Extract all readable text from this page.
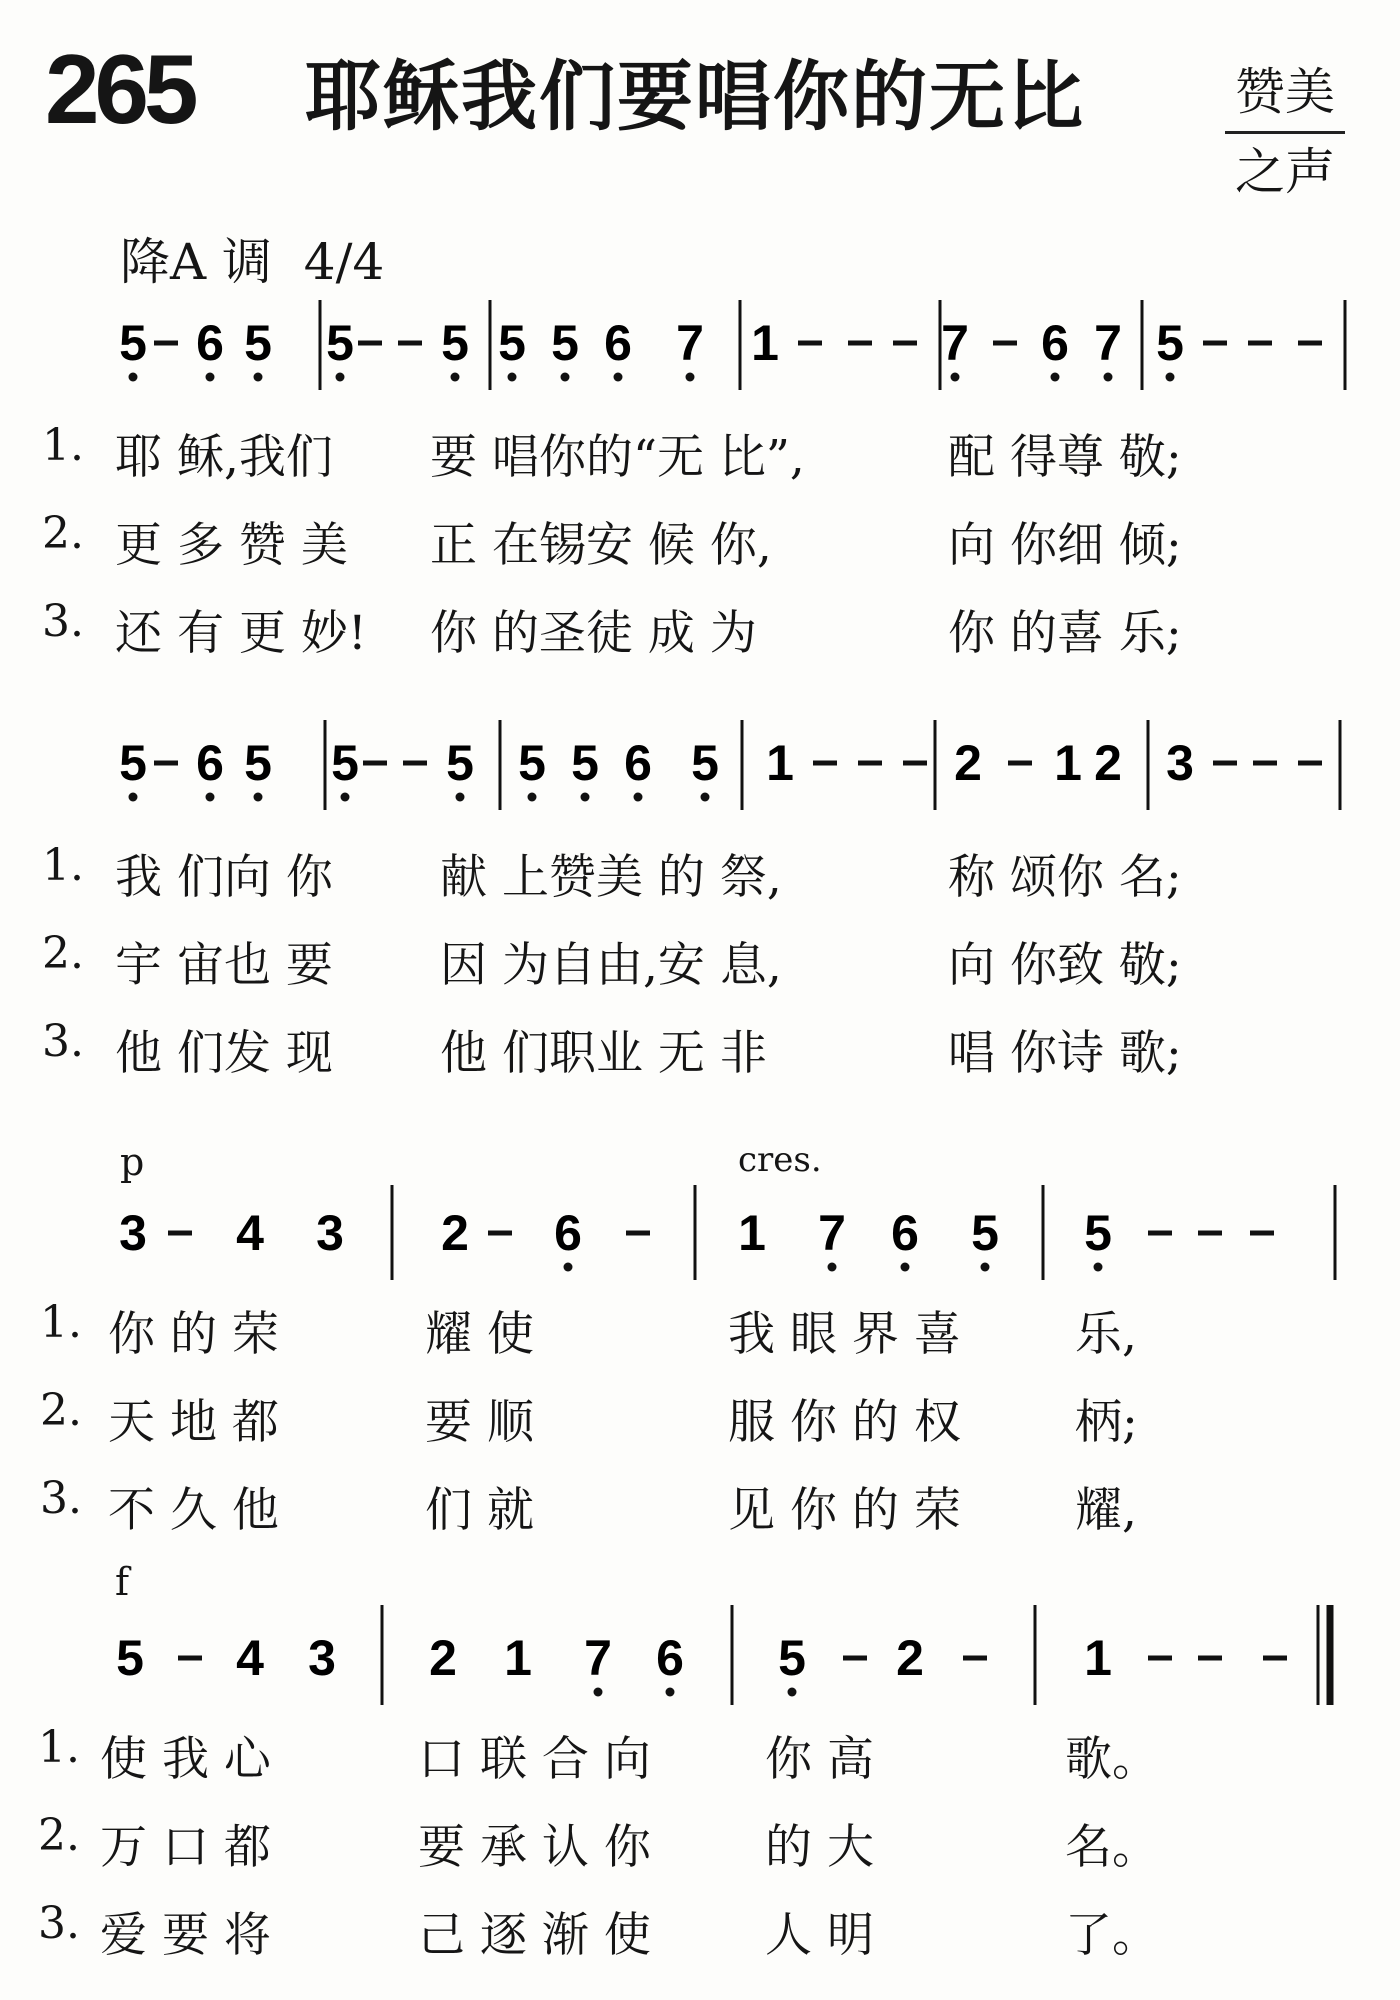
265 耶稣我们要唱你的无比	赞美
之声
降A 调  4/4
5 6 5 5 5 5 5 6 7 1	7 6 7 5
1. 耶 稣,我们 要 唱你的“无 比”,	配 得尊 敬;
2. 更 多 赞 美 正 在锡安 候 你,	向 你细 倾;
3. 还 有 更 妙! 你 的圣徒 成 为	你 的喜 乐;
5 6 5 5 5 5 5 6 5 1	2 1 2 3
1. 我 们向 你 献 上赞美 的 祭,	称 颂你 名;
2. 宇 宙也 要 因 为自由,安 息,	向 你致 敬;
3. 他 们发 现 他 们职业 无 非	唱 你诗 歌;
p	cres.
3 4 3 2 6	1 7 6 5 5
1. 你 的 荣	耀 使	我 眼 界 喜 乐,
2. 天 地 都	要 顺	服 你 的 权 柄;
3. 不 久 他	们 就	见 你 的 荣 耀,
f
5 4 3 2 1 7 6 5 2	1
1. 使 我 心	口 联 合 向 你 高	歌。
2. 万 口 都	要 承 认 你 的 大	名。
3. 爱 要 将	己 逐 渐 使 人 明	了。
